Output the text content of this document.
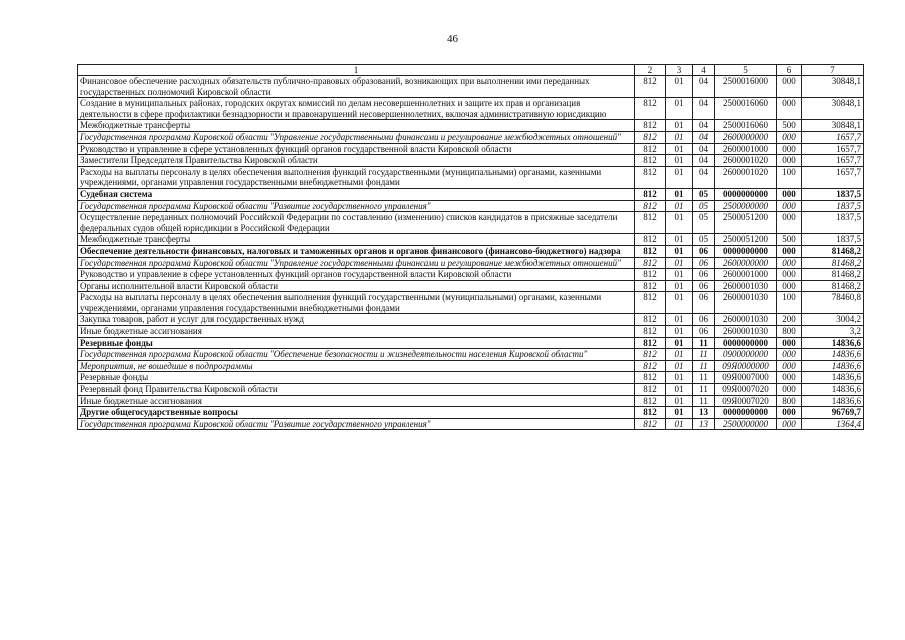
46
1	2	3	4	5	6	7
Финансовое обеспечение расходных обязательств публично-правовых образований, возникающих при выполнении ими переданных государственных полномочий Кировской области	812	01	04	2500016000	000	30848,1
Создание в муниципальных районах, городских округах комиссий по делам несовершеннолетних и защите их прав и организация деятельности в сфере профилактики безнадзорности и правонарушений несовершеннолетних, включая административную юрисдикцию	812	01	04	2500016060	000	30848,1
Межбюджетные трансферты	812	01	04	2500016060	500	30848,1
Государственная программа Кировской области "Управление государственными финансами и регулирование межбюджетных отношений"	812	01	04	2600000000	000	1657,7
Руководство и управление в сфере установленных функций органов государственной власти Кировской области	812	01	04	2600001000	000	1657,7
Заместители Председателя Правительства Кировской области	812	01	04	2600001020	000	1657,7
Расходы на выплаты персоналу в целях обеспечения выполнения функций государственными (муниципальными) органами, казенными учреждениями, органами управления государственными внебюджетными фондами	812	01	04	2600001020	100	1657,7
Судебная система	812	01	05	0000000000	000	1837,5
Государственная программа Кировской области "Развитие государственного управления"	812	01	05	2500000000	000	1837,5
Осуществление переданных полномочий Российской Федерации по составлению (изменению) списков кандидатов в присяжные заседатели федеральных судов общей юрисдикции в Российской Федерации	812	01	05	2500051200	000	1837,5
Межбюджетные трансферты	812	01	05	2500051200	500	1837,5
Обеспечение деятельности финансовых, налоговых и таможенных органов и органов финансового (финансово-бюджетного) надзора	812	01	06	0000000000	000	81468,2
Государственная программа Кировской области "Управление государственными финансами и регулирование межбюджетных отношений"	812	01	06	2600000000	000	81468,2
Руководство и управление в сфере установленных функций органов государственной власти Кировской области	812	01	06	2600001000	000	81468,2
Органы исполнительной власти Кировской области	812	01	06	2600001030	000	81468,2
Расходы на выплаты персоналу в целях обеспечения выполнения функций государственными (муниципальными) органами, казенными учреждениями, органами управления государственными внебюджетными фондами	812	01	06	2600001030	100	78460,8
Закупка товаров, работ и услуг для государственных нужд	812	01	06	2600001030	200	3004,2
Иные бюджетные ассигнования	812	01	06	2600001030	800	3,2
Резервные фонды	812	01	11	0000000000	000	14836,6
Государственная программа Кировской области "Обеспечение безопасности и жизнедеятельности населения Кировской области"	812	01	11	0900000000	000	14836,6
Мероприятия, не вошедшие в подпрограммы	812	01	11	09Я0000000	000	14836,6
Резервные фонды	812	01	11	09Я0007000	000	14836,6
Резервный фонд Правительства Кировской области	812	01	11	09Я0007020	000	14836,6
Иные бюджетные ассигнования	812	01	11	09Я0007020	800	14836,6
Другие общегосударственные вопросы	812	01	13	0000000000	000	96769,7
Государственная программа Кировской области "Развитие государственного управления"	812	01	13	2500000000	000	1364,4
